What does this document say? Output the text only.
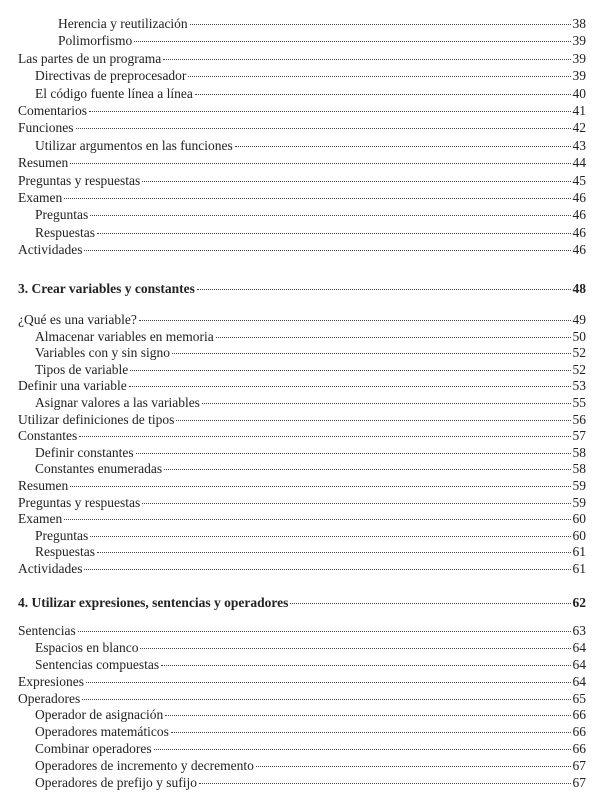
Herencia y reutilización	38
Polimorfismo	39
Las partes de un programa	39
Directivas de preprocesador	39
El código fuente línea a línea	40
Comentarios	41
Funciones	42
Utilizar argumentos en las funciones	43
Resumen	44
Preguntas y respuestas	45
Examen	46
Preguntas	46
Respuestas	46
Actividades	46
3. Crear variables y constantes	48
¿Qué es una variable?	49
Almacenar variables en memoria	50
Variables con y sin signo	52
Tipos de variable	52
Definir una variable	53
Asignar valores a las variables	55
Utilizar definiciones de tipos	56
Constantes	57
Definir constantes	58
Constantes enumeradas	58
Resumen	59
Preguntas y respuestas	59
Examen	60
Preguntas	60
Respuestas	61
Actividades	61
4. Utilizar expresiones, sentencias y operadores	62
Sentencias	63
Espacios en blanco	64
Sentencias compuestas	64
Expresiones	64
Operadores	65
Operador de asignación	66
Operadores matemáticos	66
Combinar operadores	66
Operadores de incremento y decremento	67
Operadores de prefijo y sufijo	67
